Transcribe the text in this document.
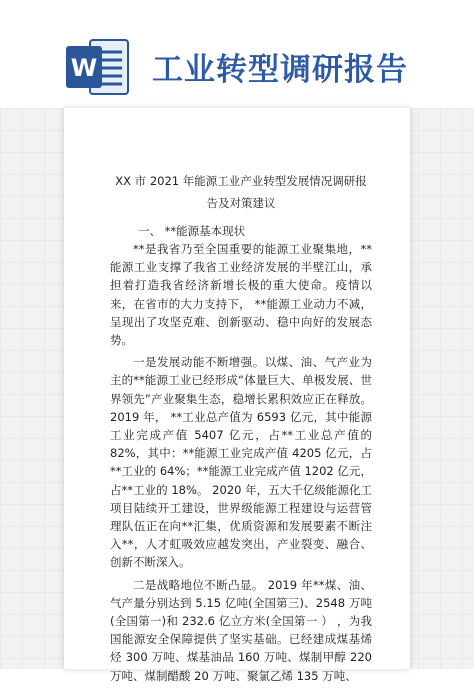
W 工业转型调研报告
XX 市 2021 年能源工业产业转型发展情况调研报告及对策建议
一、 **能源基本现状

**是我省乃至全国重要的能源工业聚集地，**能源工业支撑了我省工业经济发展的半壁江山，承担着打造我省经济新增长极的重大使命。疫情以来，在省市的大力支持下， **能源工业动力不减，呈现出了攻坚克难、创新驱动、稳中向好的发展态势。

一是发展动能不断增强。以煤、油、气产业为主的**能源工业已经形成“体量巨大、单极发展、世界领先”产业聚集生态，稳增长累积效应正在释放。 2019 年， **工业总产值为 6593 亿元，其中能源工业完成产值 5407 亿元，占**工业总产值的 82%，其中：**能源工业完成产值 4205 亿元，占**工业的 64%；**能源工业完成产值 1202 亿元，占**工业的 18%。 2020 年，五大千亿级能源化工项目陆续开工建设，世界级能源工程建设与运营管理队伍正在向**汇集，优质资源和发展要素不断注入**，人才虹吸效应越发突出，产业裂变、融合、创新不断深入。

二是战略地位不断凸显。 2019 年**煤、油、气产量分别达到 5.15 亿吨(全国第三)、2548 万吨(全国第一)和 232.6 亿立方米(全国第一 ） ，为我国能源安全保障提供了坚实基础。已经建成煤基烯烃 300 万吨、煤基油品 160 万吨、煤制甲醇 220 万吨、煤制醋酸 20 万吨、聚氯乙烯 135 万吨、
